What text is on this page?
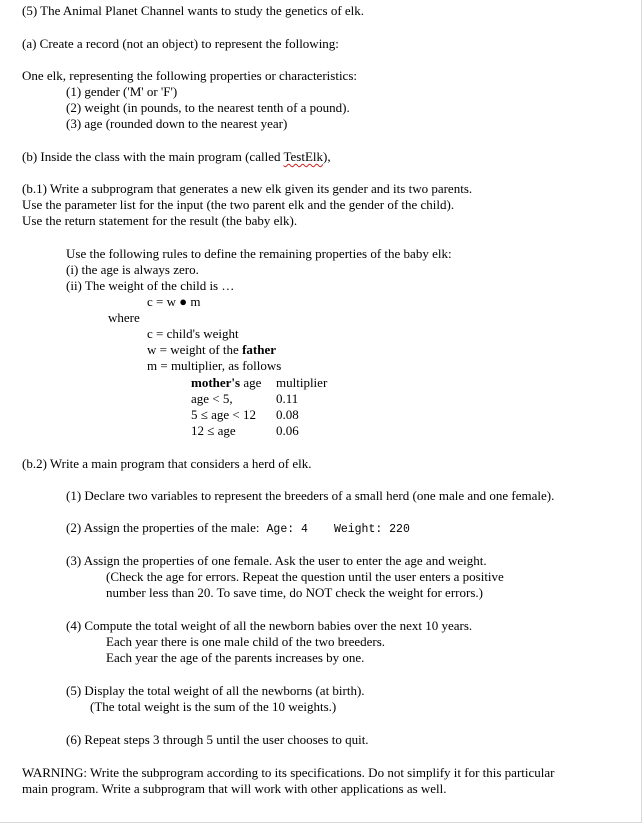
(5) The Animal Planet Channel wants to study the genetics of elk.
(a) Create a record (not an object) to represent the following:
One elk, representing the following properties or characteristics:
(1) gender ('M' or 'F')
(2) weight (in pounds, to the nearest tenth of a pound).
(3) age (rounded down to the nearest year)
(b) Inside the class with the main program (called TestElk),
(b.1) Write a subprogram that generates a new elk given its gender and its two parents.
Use the parameter list for the input (the two parent elk and the gender of the child).
Use the return statement for the result (the baby elk).
Use the following rules to define the remaining properties of the baby elk:
(i) the age is always zero.
(ii) The weight of the child is …
c = w ● m
where
c = child's weight
w = weight of the father
m = multiplier, as follows
mother's age multiplier
age < 5,	0.11
5 ≤ age < 12 0.08
12 ≤ age	0.06
(b.2) Write a main program that considers a herd of elk.
(1) Declare two variables to represent the breeders of a small herd (one male and one female).
(2) Assign the properties of the male: Age: 4 Weight: 220
(3) Assign the properties of one female. Ask the user to enter the age and weight.
(Check the age for errors. Repeat the question until the user enters a positive
number less than 20. To save time, do NOT check the weight for errors.)
(4) Compute the total weight of all the newborn babies over the next 10 years.
Each year there is one male child of the two breeders.
Each year the age of the parents increases by one.
(5) Display the total weight of all the newborns (at birth).
(The total weight is the sum of the 10 weights.)
(6) Repeat steps 3 through 5 until the user chooses to quit.
WARNING: Write the subprogram according to its specifications. Do not simplify it for this particular
main program. Write a subprogram that will work with other applications as well.
